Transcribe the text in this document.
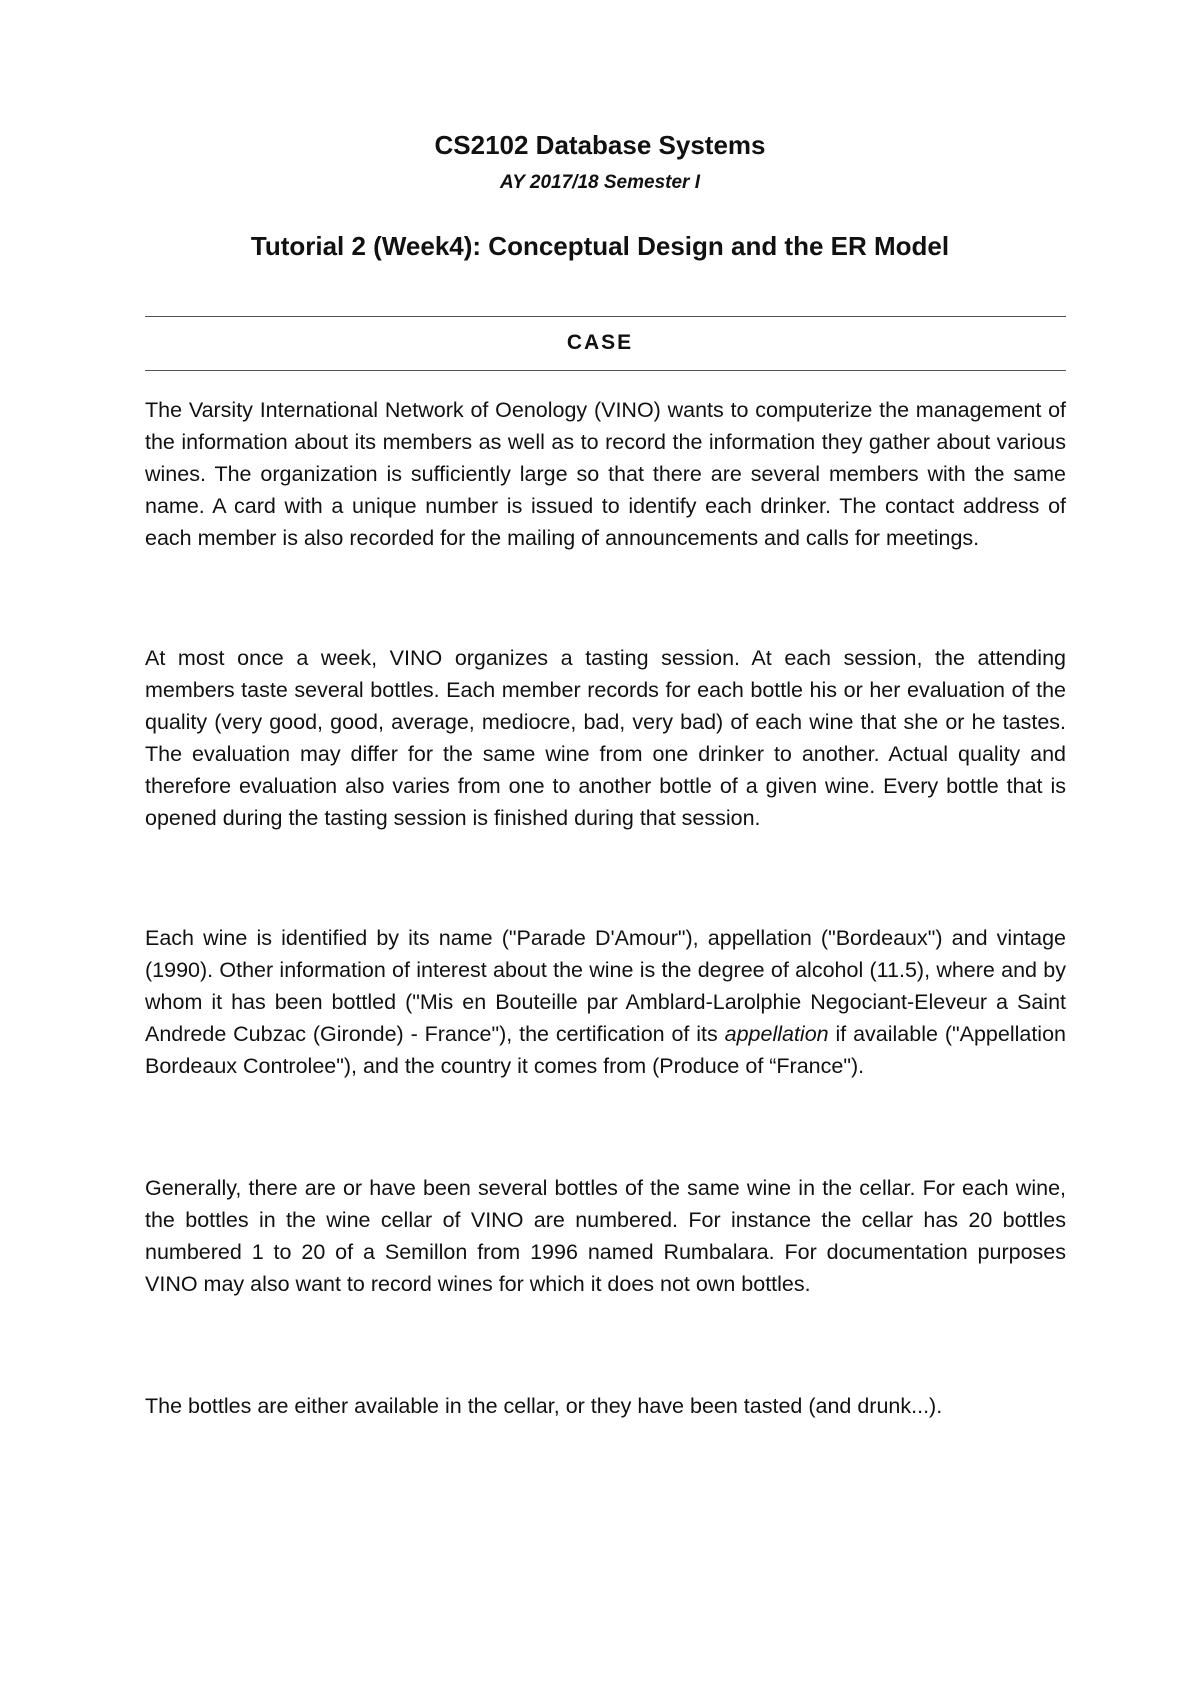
CS2102 Database Systems
AY 2017/18 Semester I
Tutorial 2 (Week4): Conceptual Design and the ER Model
CASE

The Varsity International Network of Oenology (VINO) wants to computerize the management of the information about its members as well as to record the information they gather about various wines. The organization is sufficiently large so that there are several members with the same name. A card with a unique number is issued to identify each drinker. The contact address of each member is also recorded for the mailing of announcements and calls for meetings.

At most once a week, VINO organizes a tasting session. At each session, the attending members taste several bottles. Each member records for each bottle his or her evaluation of the quality (very good, good, average, mediocre, bad, very bad) of each wine that she or he tastes. The evaluation may differ for the same wine from one drinker to another. Actual quality and therefore evaluation also varies from one to another bottle of a given wine. Every bottle that is opened during the tasting session is finished during that session.

Each wine is identified by its name ("Parade D'Amour"), appellation ("Bordeaux") and vintage (1990). Other information of interest about the wine is the degree of alcohol (11.5), where and by whom it has been bottled ("Mis en Bouteille par Amblard-Larolphie Negociant-Eleveur a Saint Andrede Cubzac (Gironde) - France"), the certification of its appellation if available ("Appellation Bordeaux Controlee"), and the country it comes from (Produce of “France").

Generally, there are or have been several bottles of the same wine in the cellar. For each wine, the bottles in the wine cellar of VINO are numbered. For instance the cellar has 20 bottles numbered 1 to 20 of a Semillon from 1996 named Rumbalara. For documentation purposes VINO may also want to record wines for which it does not own bottles.

The bottles are either available in the cellar, or they have been tasted (and drunk...).
